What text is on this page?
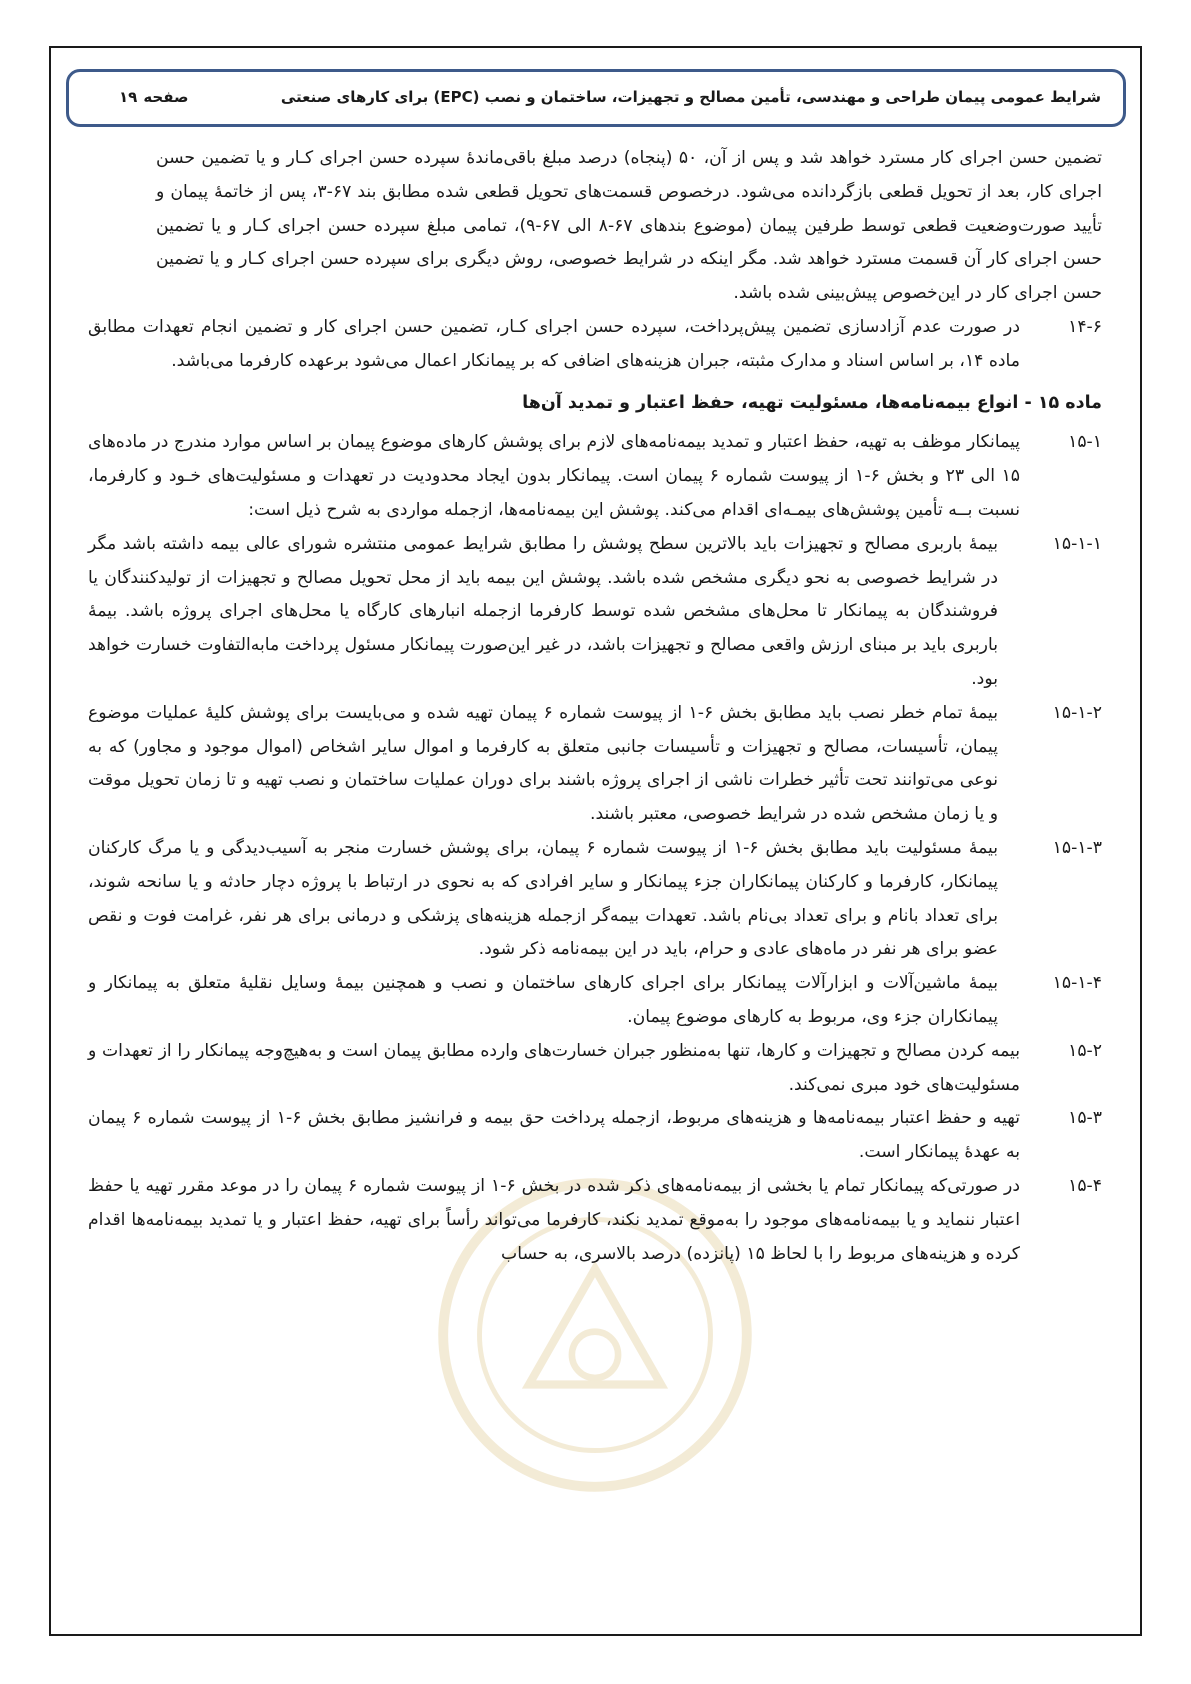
شرایط عمومی پیمان طراحی و مهندسی، تأمین مصالح و تجهیزات، ساختمان و نصب (EPC) برای کارهای صنعتی
صفحه۱۹
تضمین حسن اجرای کار مسترد خواهد شد و پس از آن، ۵۰ (پنجاه) درصد مبلغ باقی‌ماندهٔ سپرده حسن اجرای کـار و یا تضمین حسن اجرای کار، بعد از تحویل قطعی بازگردانده می‌شود. درخصوص قسمت‌های تحویل قطعی شده مطابق بند ۶۷-۳، پس از خاتمهٔ پیمان و تأیید صورت‌وضعیت قطعی توسط طرفین پیمان (موضوع بندهای ۶۷-۸ الی ۶۷-۹)، تمامی مبلغ سپرده حسن اجرای کـار و یا تضمین حسن اجرای کار آن قسمت مسترد خواهد شد. مگر اینکه در شرایط خصوصی، روش دیگری برای سپرده حسن اجرای کـار و یا تضمین حسن اجرای کار در این‌خصوص پیش‌بینی شده باشد.
۱۴-۶
در صورت عدم آزادسازی تضمین پیش‌پرداخت، سپرده حسن اجرای کـار، تضمین حسن اجرای کار و تضمین انجام تعهدات مطابق ماده ۱۴، بر اساس اسناد و مدارک مثبته، جبران هزینه‌های اضافی که بر پیمانکار اعمال می‌شود برعهده کارفرما می‌باشد.
ماده ۱۵ - انواع بیمه‌نامه‌ها، مسئولیت تهیه، حفظ اعتبار و تمدید آن‌ها
۱۵-۱
پیمانکار موظف به تهیه، حفظ اعتبار و تمدید بیمه‌نامه‌های لازم برای پوشش کارهای موضوع پیمان بر اساس موارد مندرج در ماده‌های ۱۵ الی ۲۳ و بخش ۶-۱ از پیوست شماره ۶ پیمان است. پیمانکار بدون ایجاد محدودیت در تعهدات و مسئولیت‌های خـود و کارفرما، نسبت بــه تأمین پوشش‌های بیمـه‌ای اقدام می‌کند. پوشش این بیمه‌نامه‌ها، ازجمله مواردی به شرح ذیل است:
۱۵-۱-۱
بیمهٔ باربری مصالح و تجهیزات باید بالاترین سطح پوشش را مطابق شرایط عمومی منتشره شورای عالی بیمه داشته باشد مگر در شرایط خصوصی به نحو دیگری مشخص شده باشد. پوشش این بیمه باید از محل تحویل مصالح و تجهیزات از تولیدکنندگان یا فروشندگان به پیمانکار تا محل‌های مشخص شده توسط کارفرما ازجمله انبارهای کارگاه یا محل‌های اجرای پروژه باشد. بیمهٔ باربری باید بر مبنای ارزش واقعی مصالح و تجهیزات باشد، در غیر این‌صورت پیمانکار مسئول پرداخت مابه‌التفاوت خسارت خواهد بود.
۱۵-۱-۲
بیمهٔ تمام خطر نصب باید مطابق بخش ۶-۱ از پیوست شماره ۶ پیمان تهیه شده و می‌بایست برای پوشش کلیهٔ عملیات موضوع پیمان، تأسیسات، مصالح و تجهیزات و تأسیسات جانبی متعلق به کارفرما و اموال سایر اشخاص (اموال موجود و مجاور) که به نوعی می‌توانند تحت تأثیر خطرات ناشی از اجرای پروژه باشند برای دوران عملیات ساختمان و نصب تهیه و تا زمان تحویل موقت و یا زمان مشخص شده در شرایط خصوصی، معتبر باشند.
۱۵-۱-۳
بیمهٔ مسئولیت باید مطابق بخش ۶-۱ از پیوست شماره ۶ پیمان، برای پوشش خسارت منجر به آسیب‌دیدگی و یا مرگ کارکنان پیمانکار، کارفرما و کارکنان پیمانکاران جزء پیمانکار و سایر افرادی که به نحوی در ارتباط با پروژه دچار حادثه و یا سانحه شوند، برای تعداد بانام و برای تعداد بی‌نام باشد. تعهدات بیمه‌گر ازجمله هزینه‌های پزشکی و درمانی برای هر نفر، غرامت فوت و نقص عضو برای هر نفر در ماه‌های عادی و حرام، باید در این بیمه‌نامه ذکر شود.
۱۵-۱-۴
بیمهٔ ماشین‌آلات و ابزارآلات پیمانکار برای اجرای کارهای ساختمان و نصب و همچنین بیمهٔ وسایل نقلیهٔ متعلق به پیمانکار و پیمانکاران جزء وی، مربوط به کارهای موضوع پیمان.
۱۵-۲
بیمه کردن مصالح و تجهیزات و کارها، تنها به‌منظور جبران خسارت‌های وارده مطابق پیمان است و به‌هیچ‌وجه پیمانکار را از تعهدات و مسئولیت‌های خود مبری نمی‌کند.
۱۵-۳
تهیه و حفظ اعتبار بیمه‌نامه‌ها و هزینه‌های مربوط، ازجمله پرداخت حق بیمه و فرانشیز مطابق بخش ۶-۱ از پیوست شماره ۶ پیمان به عهدهٔ پیمانکار است.
۱۵-۴
در صورتی‌که پیمانکار تمام یا بخشی از بیمه‌نامه‌های ذکر شده در بخش ۶-۱ از پیوست شماره ۶ پیمان را در موعد مقرر تهیه یا حفظ اعتبار ننماید و یا بیمه‌نامه‌های موجود را به‌موقع تمدید نکند، کارفرما می‌تواند رأساً برای تهیه، حفظ اعتبار و یا تمدید بیمه‌نامه‌ها اقدام کرده و هزینه‌های مربوط را با لحاظ ۱۵ (پانزده) درصد بالاسری، به حساب
